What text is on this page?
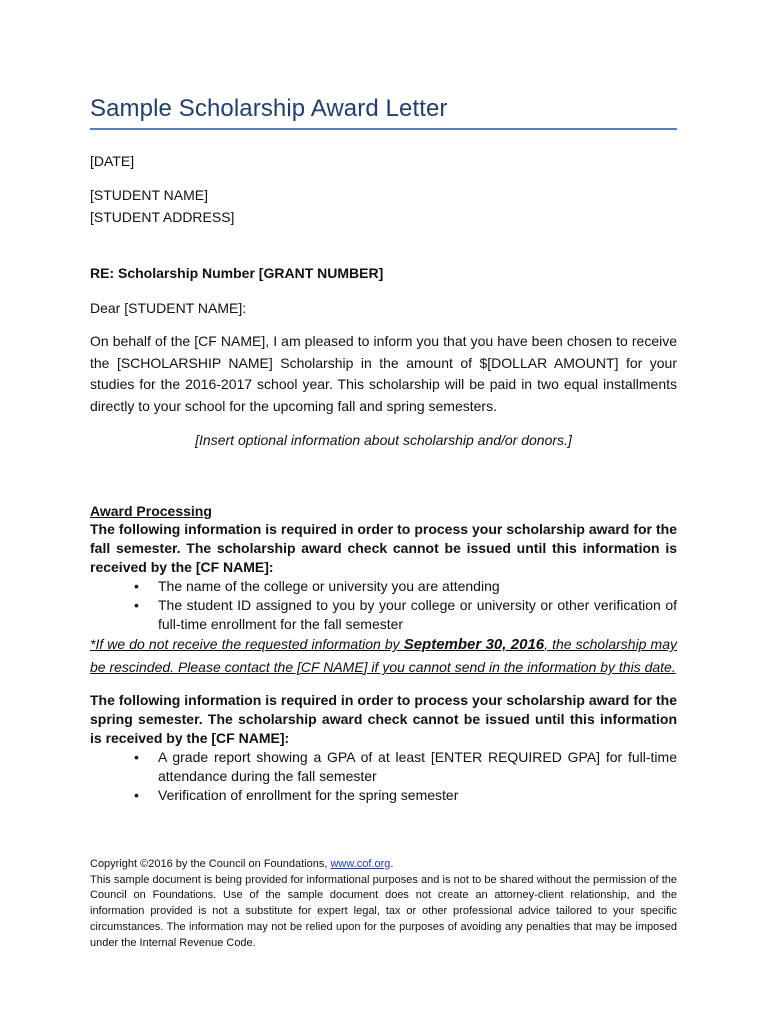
Sample Scholarship Award Letter
[DATE]
[STUDENT NAME]
[STUDENT ADDRESS]
RE: Scholarship Number [GRANT NUMBER]
Dear [STUDENT NAME]:
On behalf of the [CF NAME], I am pleased to inform you that you have been chosen to receive the [SCHOLARSHIP NAME] Scholarship in the amount of $[DOLLAR AMOUNT] for your studies for the 2016-2017 school year. This scholarship will be paid in two equal installments directly to your school for the upcoming fall and spring semesters.
[Insert optional information about scholarship and/or donors.]
Award Processing
The following information is required in order to process your scholarship award for the fall semester. The scholarship award check cannot be issued until this information is received by the [CF NAME]:
• The name of the college or university you are attending
• The student ID assigned to you by your college or university or other verification of full-time enrollment for the fall semester
*If we do not receive the requested information by September 30, 2016, the scholarship may be rescinded. Please contact the [CF NAME] if you cannot send in the information by this date.
The following information is required in order to process your scholarship award for the spring semester. The scholarship award check cannot be issued until this information is received by the [CF NAME]:
• A grade report showing a GPA of at least [ENTER REQUIRED GPA] for full-time attendance during the fall semester
• Verification of enrollment for the spring semester
Copyright ©2016 by the Council on Foundations, www.cof.org.
This sample document is being provided for informational purposes and is not to be shared without the permission of the Council on Foundations. Use of the sample document does not create an attorney-client relationship, and the information provided is not a substitute for expert legal, tax or other professional advice tailored to your specific circumstances. The information may not be relied upon for the purposes of avoiding any penalties that may be imposed under the Internal Revenue Code.
